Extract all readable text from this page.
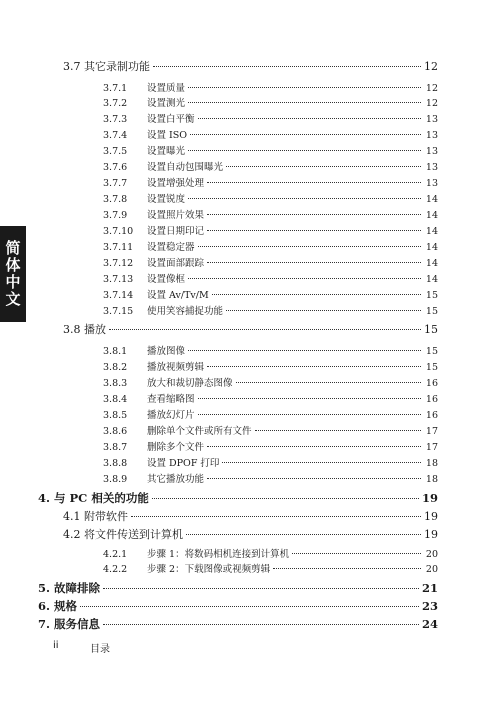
3.7 其它录制功能	12
3.7.1	设置质量	12
3.7.2	设置测光	12
3.7.3	设置白平衡	13
3.7.4	设置 ISO	13
3.7.5	设置曝光	13
3.7.6	设置自动包围曝光	13
3.7.7	设置增强处理	13
3.7.8	设置锐度	14
3.7.9	设置照片效果	14
3.7.10	设置日期印记	14
3.7.11	设置稳定器	14
3.7.12	设置面部跟踪	14
3.7.13	设置像框	14
3.7.14	设置 Av/Tv/M	15
3.7.15	使用笑容捕捉功能	15
3.8 播放	15
3.8.1	播放图像	15
3.8.2	播放视频剪辑	15
3.8.3	放大和裁切静态图像	16
3.8.4	查看缩略图	16
3.8.5	播放幻灯片	16
3.8.6	删除单个文件或所有文件	17
3.8.7	删除多个文件	17
3.8.8	设置 DPOF 打印	18
3.8.9	其它播放功能	18
4. 与 PC 相关的功能	19
4.1 附带软件	19
4.2 将文件传送到计算机	19
4.2.1	步骤 1：将数码相机连接到计算机	20
4.2.2	步骤 2：下载图像或视频剪辑	20
5. 故障排除	21
6. 规格	23
7. 服务信息	24
简体中文
ii	目录
